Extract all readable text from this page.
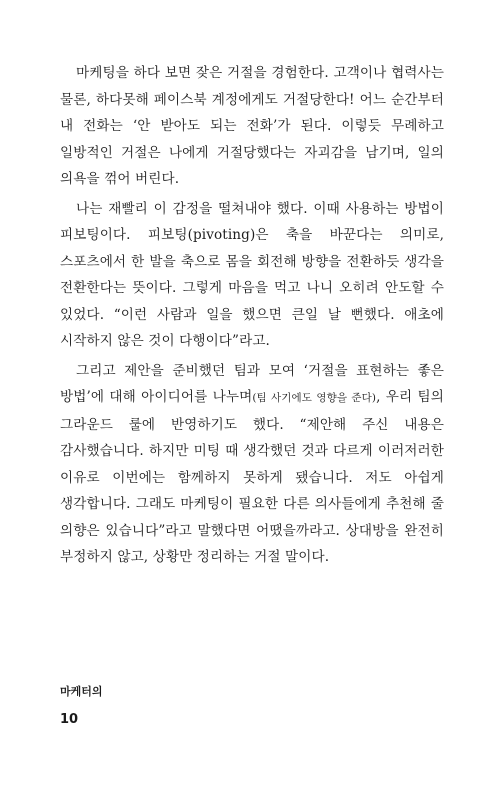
마케팅을 하다 보면 잦은 거절을 경험한다. 고객이나 협력사는 물론, 하다못해 페이스북 계정에게도 거절당한다! 어느 순간부터 내 전화는 ‘안 받아도 되는 전화’가 된다. 이렇듯 무례하고 일방적인 거절은 나에게 거절당했다는 자괴감을 남기며, 일의 의욕을 꺾어 버린다.

나는 재빨리 이 감정을 떨쳐내야 했다. 이때 사용하는 방법이 피보팅이다. 피보팅(pivoting)은 축을 바꾼다는 의미로, 스포츠에서 한 발을 축으로 몸을 회전해 방향을 전환하듯 생각을 전환한다는 뜻이다. 그렇게 마음을 먹고 나니 오히려 안도할 수 있었다. “이런 사람과 일을 했으면 큰일 날 뻔했다. 애초에 시작하지 않은 것이 다행이다”라고.

그리고 제안을 준비했던 팀과 모여 ‘거절을 표현하는 좋은 방법’에 대해 아이디어를 나누며(팀 사기에도 영향을 준다), 우리 팀의 그라운드 룰에 반영하기도 했다. “제안해 주신 내용은 감사했습니다. 하지만 미팅 때 생각했던 것과 다르게 이러저러한 이유로 이번에는 함께하지 못하게 됐습니다. 저도 아쉽게 생각합니다. 그래도 마케팅이 필요한 다른 의사들에게 추천해 줄 의향은 있습니다”라고 말했다면 어땠을까라고. 상대방을 완전히 부정하지 않고, 상황만 정리하는 거절 말이다.

마케터의
10
